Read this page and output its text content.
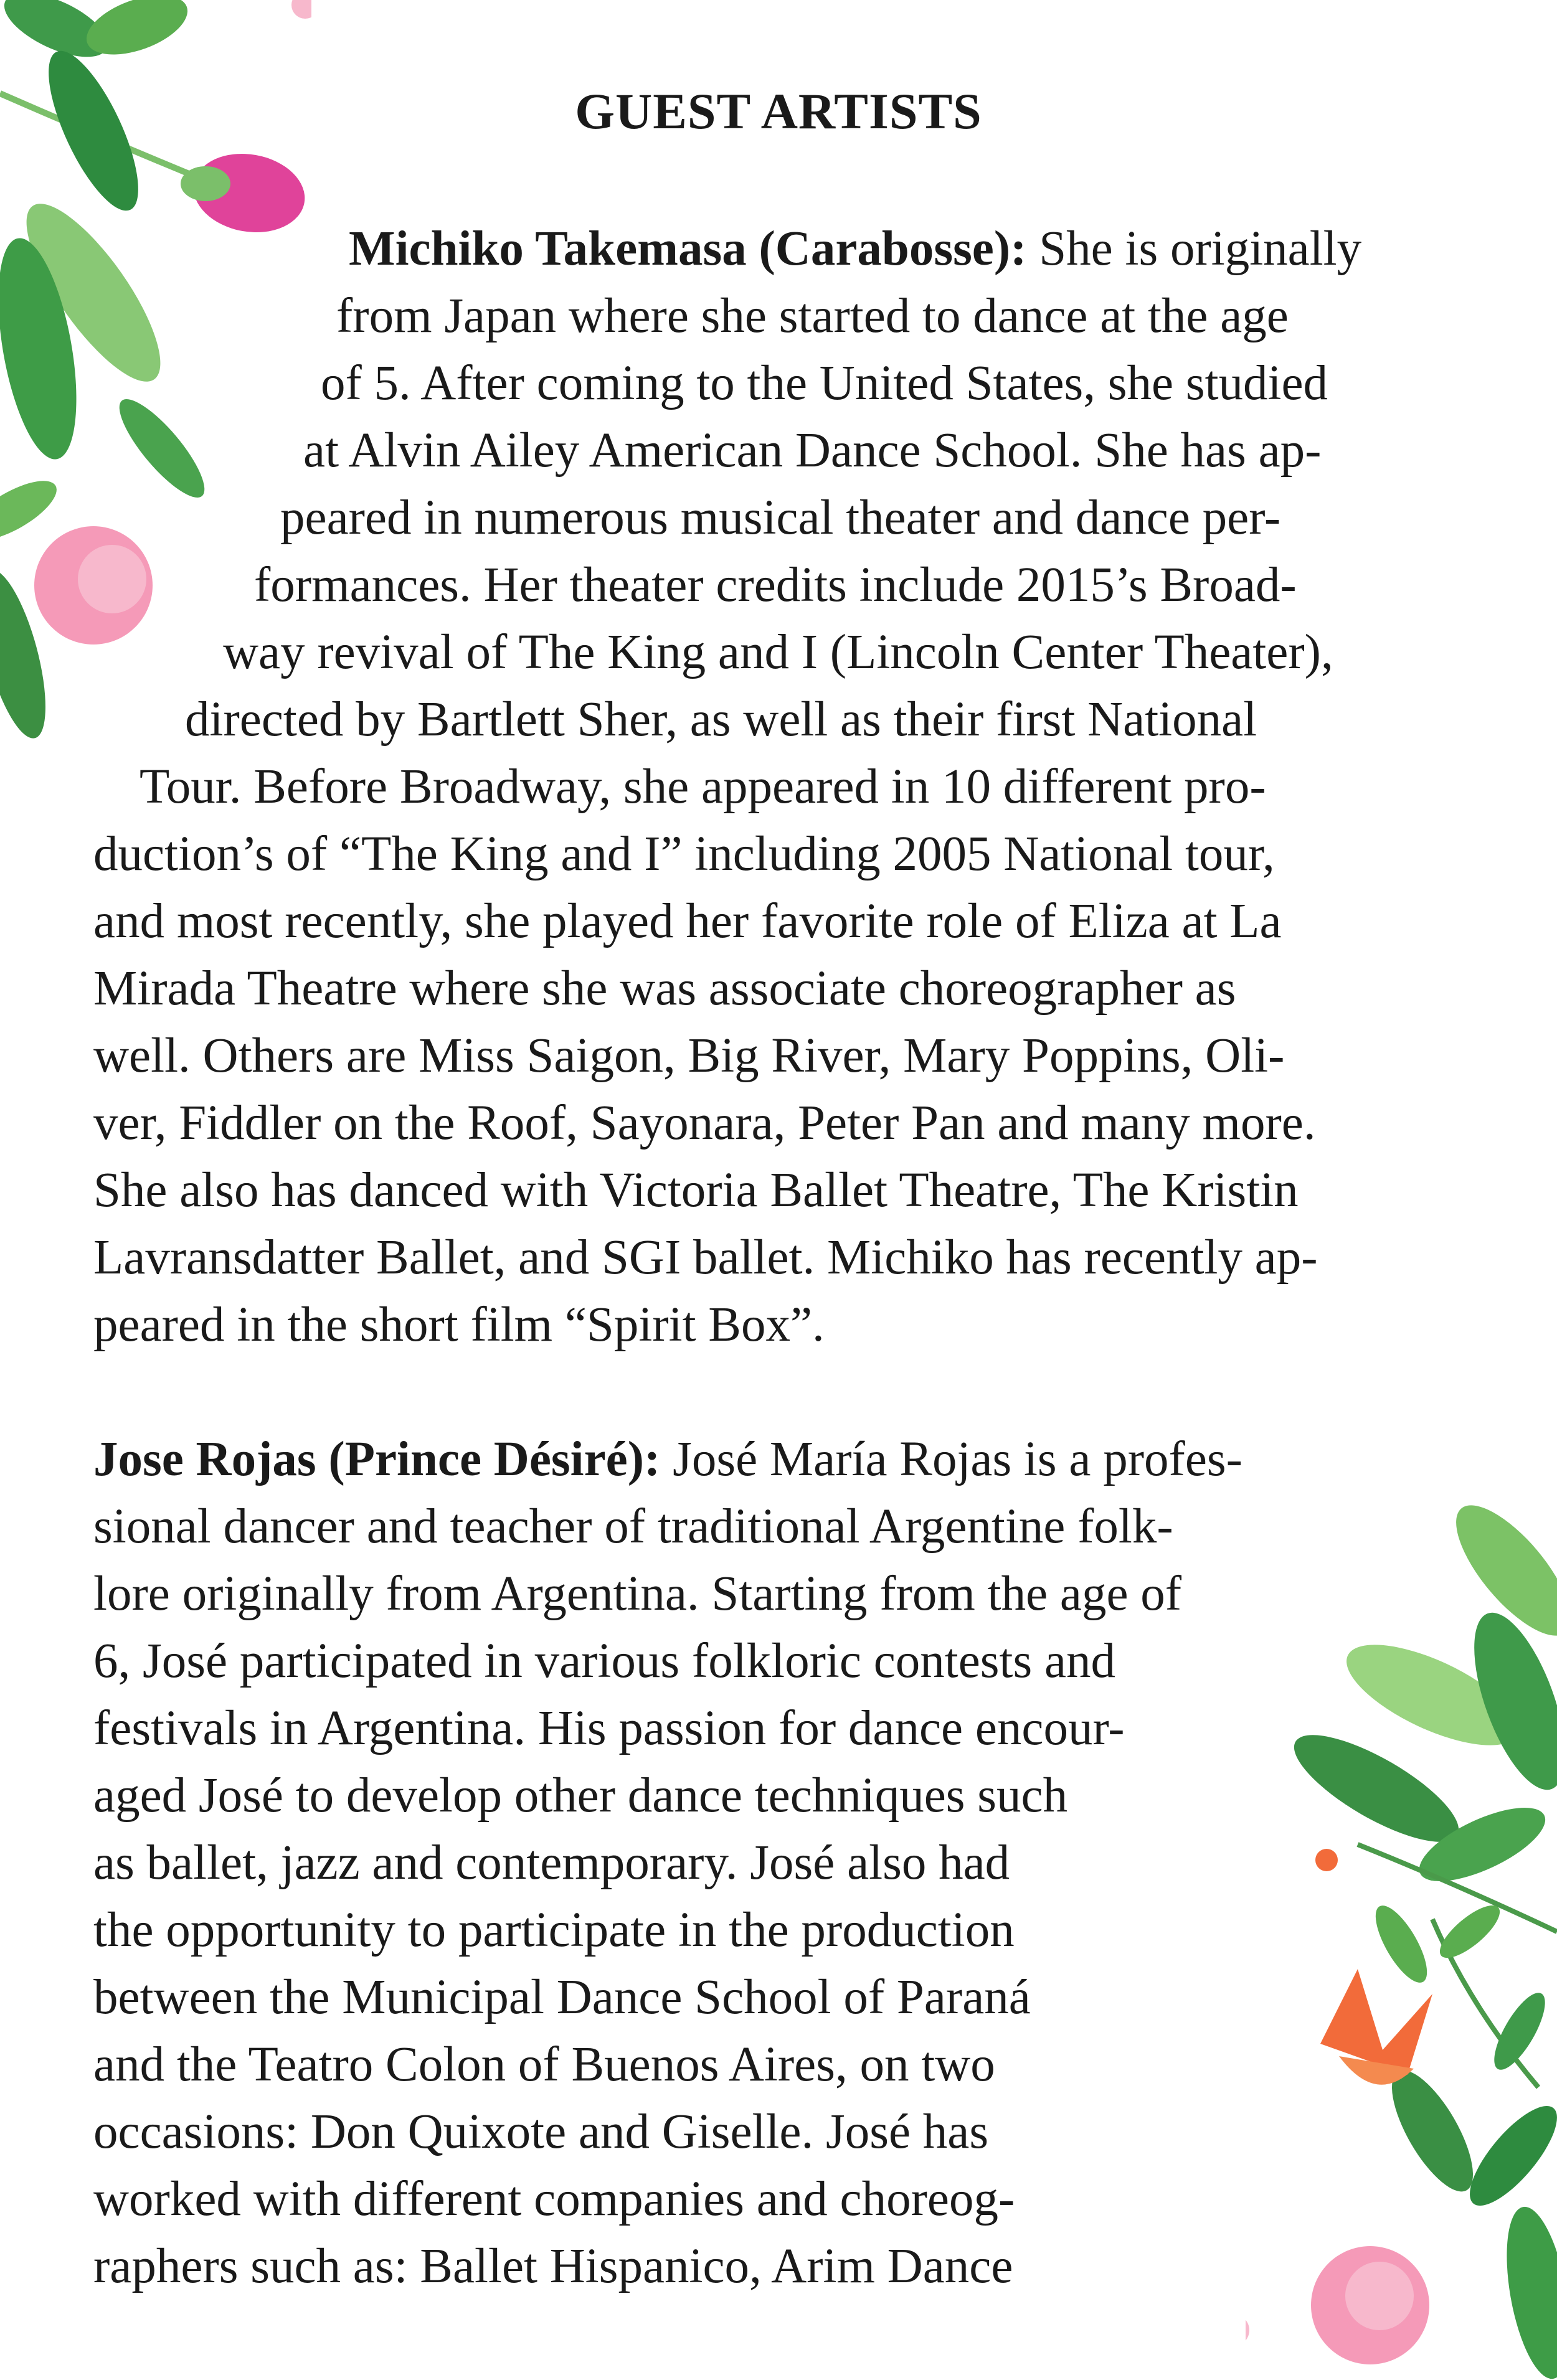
GUEST ARTISTS
Michiko Takemasa (Carabosse): She is originally
from Japan where she started to dance at the age
of 5. After coming to the United States, she studied
at Alvin Ailey American Dance School. She has ap-
peared in numerous musical theater and dance per-
formances. Her theater credits include 2015’s Broad-
way revival of The King and I (Lincoln Center Theater),
directed by Bartlett Sher, as well as their first National
Tour. Before Broadway, she appeared in 10 different pro-
duction’s of “The King and I” including 2005 National tour,
and most recently, she played her favorite role of Eliza at La
Mirada Theatre where she was associate choreographer as
well. Others are Miss Saigon, Big River, Mary Poppins, Oli-
ver, Fiddler on the Roof, Sayonara, Peter Pan and many more.
She also has danced with Victoria Ballet Theatre, The Kristin
Lavransdatter Ballet, and SGI ballet. Michiko has recently ap-
peared in the short film “Spirit Box”.
Jose Rojas (Prince Désiré): José María Rojas is a profes-
sional dancer and teacher of traditional Argentine folk-
lore originally from Argentina. Starting from the age of
6, José participated in various folkloric contests and
festivals in Argentina. His passion for dance encour-
aged José to develop other dance techniques such
as ballet, jazz and contemporary. José also had
the opportunity to participate in the production
between the Municipal Dance School of Paraná
and the Teatro Colon of Buenos Aires, on two
occasions: Don Quixote and Giselle. José has
worked with different companies and choreog-
raphers such as: Ballet Hispanico, Arim Dance
